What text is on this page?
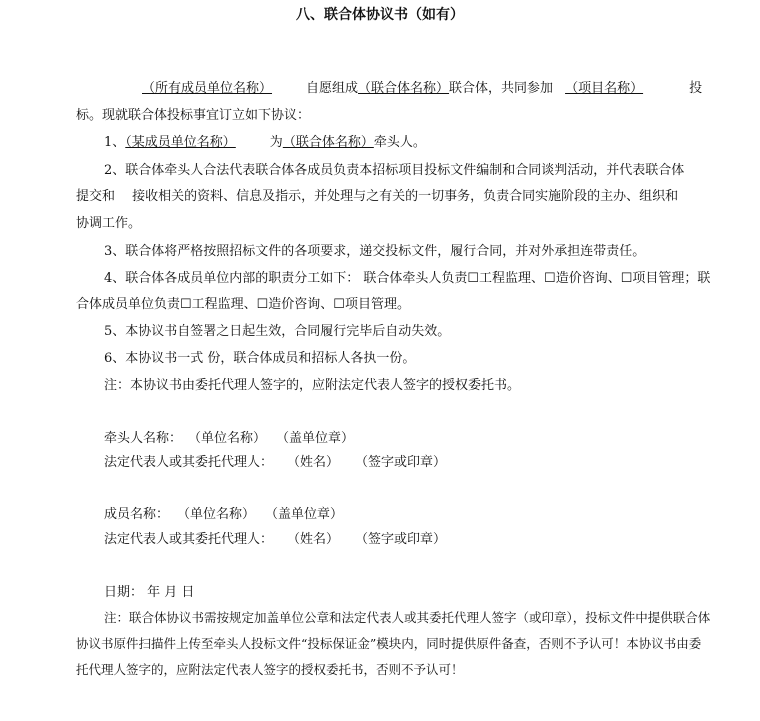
八、联合体协议书（如有）
（所有成员单位名称）	自愿组成（联合体名称）联合体，共同参加 （项目名称）	投
标。现就联合体投标事宜订立如下协议：
1、（某成员单位名称）	为（联合体名称）牵头人。
2、联合体牵头人合法代表联合体各成员负责本招标项目投标文件编制和合同谈判活动，并代表联合体
提交和　 接收相关的资料、信息及指示，并处理与之有关的一切事务，负责合同实施阶段的主办、组织和
协调工作。
3、联合体将严格按照招标文件的各项要求，递交投标文件，履行合同，并对外承担连带责任。
4、联合体各成员单位内部的职责分工如下： 联合体牵头人负责☐工程监理、☐造价咨询、☐项目管理；联
合体成员单位负责☐工程监理、☐造价咨询、☐项目管理。
5、本协议书自签署之日起生效，合同履行完毕后自动失效。
6、本协议书一式 份，联合体成员和招标人各执一份。
注：本协议书由委托代理人签字的，应附法定代表人签字的授权委托书。
牵头人名称： （单位名称） （盖单位章）
法定代表人或其委托代理人： （姓名） （签字或印章）
成员名称： （单位名称） （盖单位章）
法定代表人或其委托代理人： （姓名） （签字或印章）
日期： 年 月 日
注：联合体协议书需按规定加盖单位公章和法定代表人或其委托代理人签字（或印章），投标文件中提供联合体
协议书原件扫描件上传至牵头人投标文件“投标保证金”模块内，同时提供原件备查，否则不予认可！本协议书由委
托代理人签字的，应附法定代表人签字的授权委托书，否则不予认可！
